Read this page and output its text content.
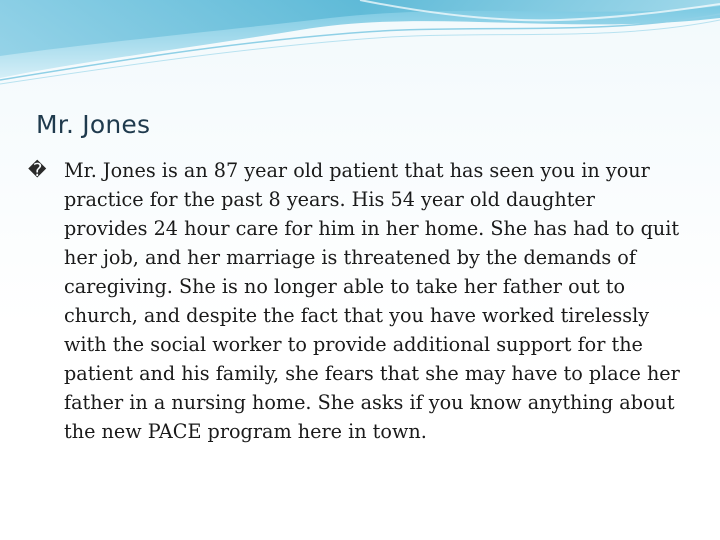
Mr. Jones
� Mr. Jones is an 87 year old patient that has seen you in your practice for the past 8 years. His 54 year old daughter provides 24 hour care for him in her home. She has had to quit her job, and her marriage is threatened by the demands of caregiving. She is no longer able to take her father out to church, and despite the fact that you have worked tirelessly with the social worker to provide additional support for the patient and his family, she fears that she may have to place her father in a nursing home. She asks if you know anything about the new PACE program here in town.
